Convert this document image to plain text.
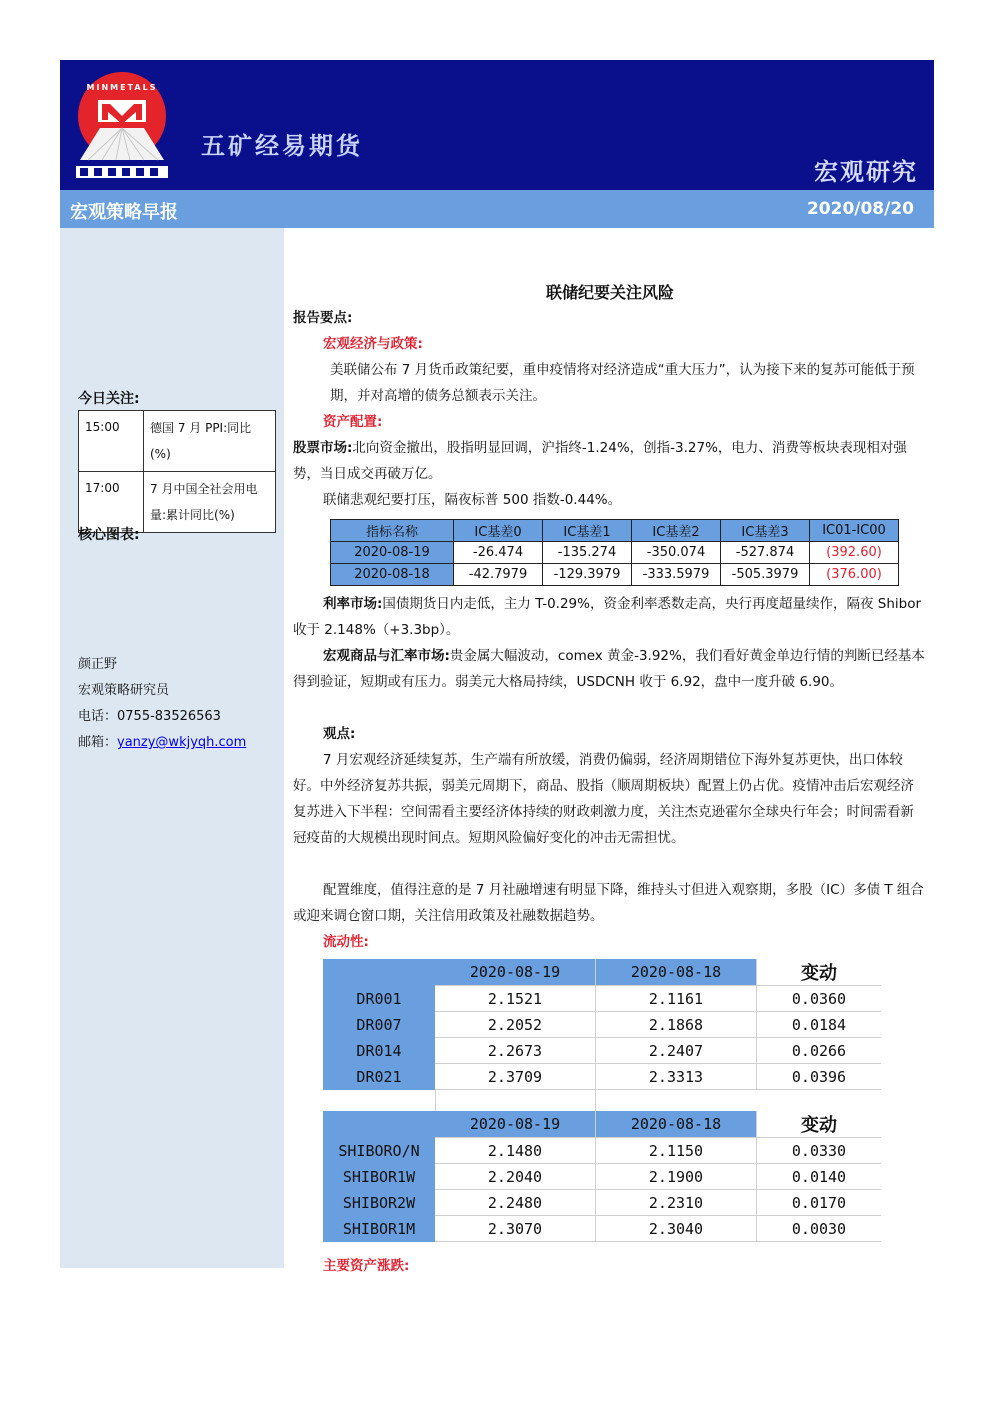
MINMETALS
五矿经易期货
宏观研究
宏观策略早报	2020/08/20
今日关注:
15:00	德国 7 月 PPI:同比(%)
17:00	7 月中国全社会用电量:累计同比(%)
核心图表:
颜正野
宏观策略研究员
电话：0755-83526563
邮箱：yanzy@wkjyqh.com
联储纪要关注风险

报告要点:

宏观经济与政策:

美联储公布 7 月货币政策纪要，重申疫情将对经济造成“重大压力”，认为接下来的复苏可能低于预期，并对高增的债务总额表示关注。

资产配置:

股票市场:北向资金撤出，股指明显回调，沪指终-1.24%，创指-3.27%，电力、消费等板块表现相对强势，当日成交再破万亿。

联储悲观纪要打压，隔夜标普 500 指数-0.44%。

指标名称	IC基差0	IC基差1	IC基差2	IC基差3	IC01-IC00
2020-08-19	-26.474	-135.274	-350.074	-527.874	(392.60)
2020-08-18	-42.7979	-129.3979	-333.5979	-505.3979	(376.00)

利率市场:国债期货日内走低，主力 T-0.29%，资金利率悉数走高，央行再度超量续作，隔夜 Shibor 收于 2.148%（+3.3bp）。

宏观商品与汇率市场:贵金属大幅波动，comex 黄金-3.92%，我们看好黄金单边行情的判断已经基本得到验证，短期或有压力。弱美元大格局持续，USDCNH 收于 6.92，盘中一度升破 6.90。

观点:

7 月宏观经济延续复苏，生产端有所放缓，消费仍偏弱，经济周期错位下海外复苏更快，出口体较好。中外经济复苏共振，弱美元周期下，商品、股指（顺周期板块）配置上仍占优。疫情冲击后宏观经济复苏进入下半程：空间需看主要经济体持续的财政刺激力度，关注杰克逊霍尔全球央行年会；时间需看新冠疫苗的大规模出现时间点。短期风险偏好变化的冲击无需担忧。

配置维度，值得注意的是 7 月社融增速有明显下降，维持头寸但进入观察期，多股（IC）多债 T 组合或迎来调仓窗口期，关注信用政策及社融数据趋势。

流动性:

	2020-08-19	2020-08-18	变动
DR001	2.1521	2.1161	0.0360
DR007	2.2052	2.1868	0.0184
DR014	2.2673	2.2407	0.0266
DR021	2.3709	2.3313	0.0396

	2020-08-19	2020-08-18	变动
SHIBORO/N	2.1480	2.1150	0.0330
SHIBOR1W	2.2040	2.1900	0.0140
SHIBOR2W	2.2480	2.2310	0.0170
SHIBOR1M	2.3070	2.3040	0.0030

主要资产涨跌:
